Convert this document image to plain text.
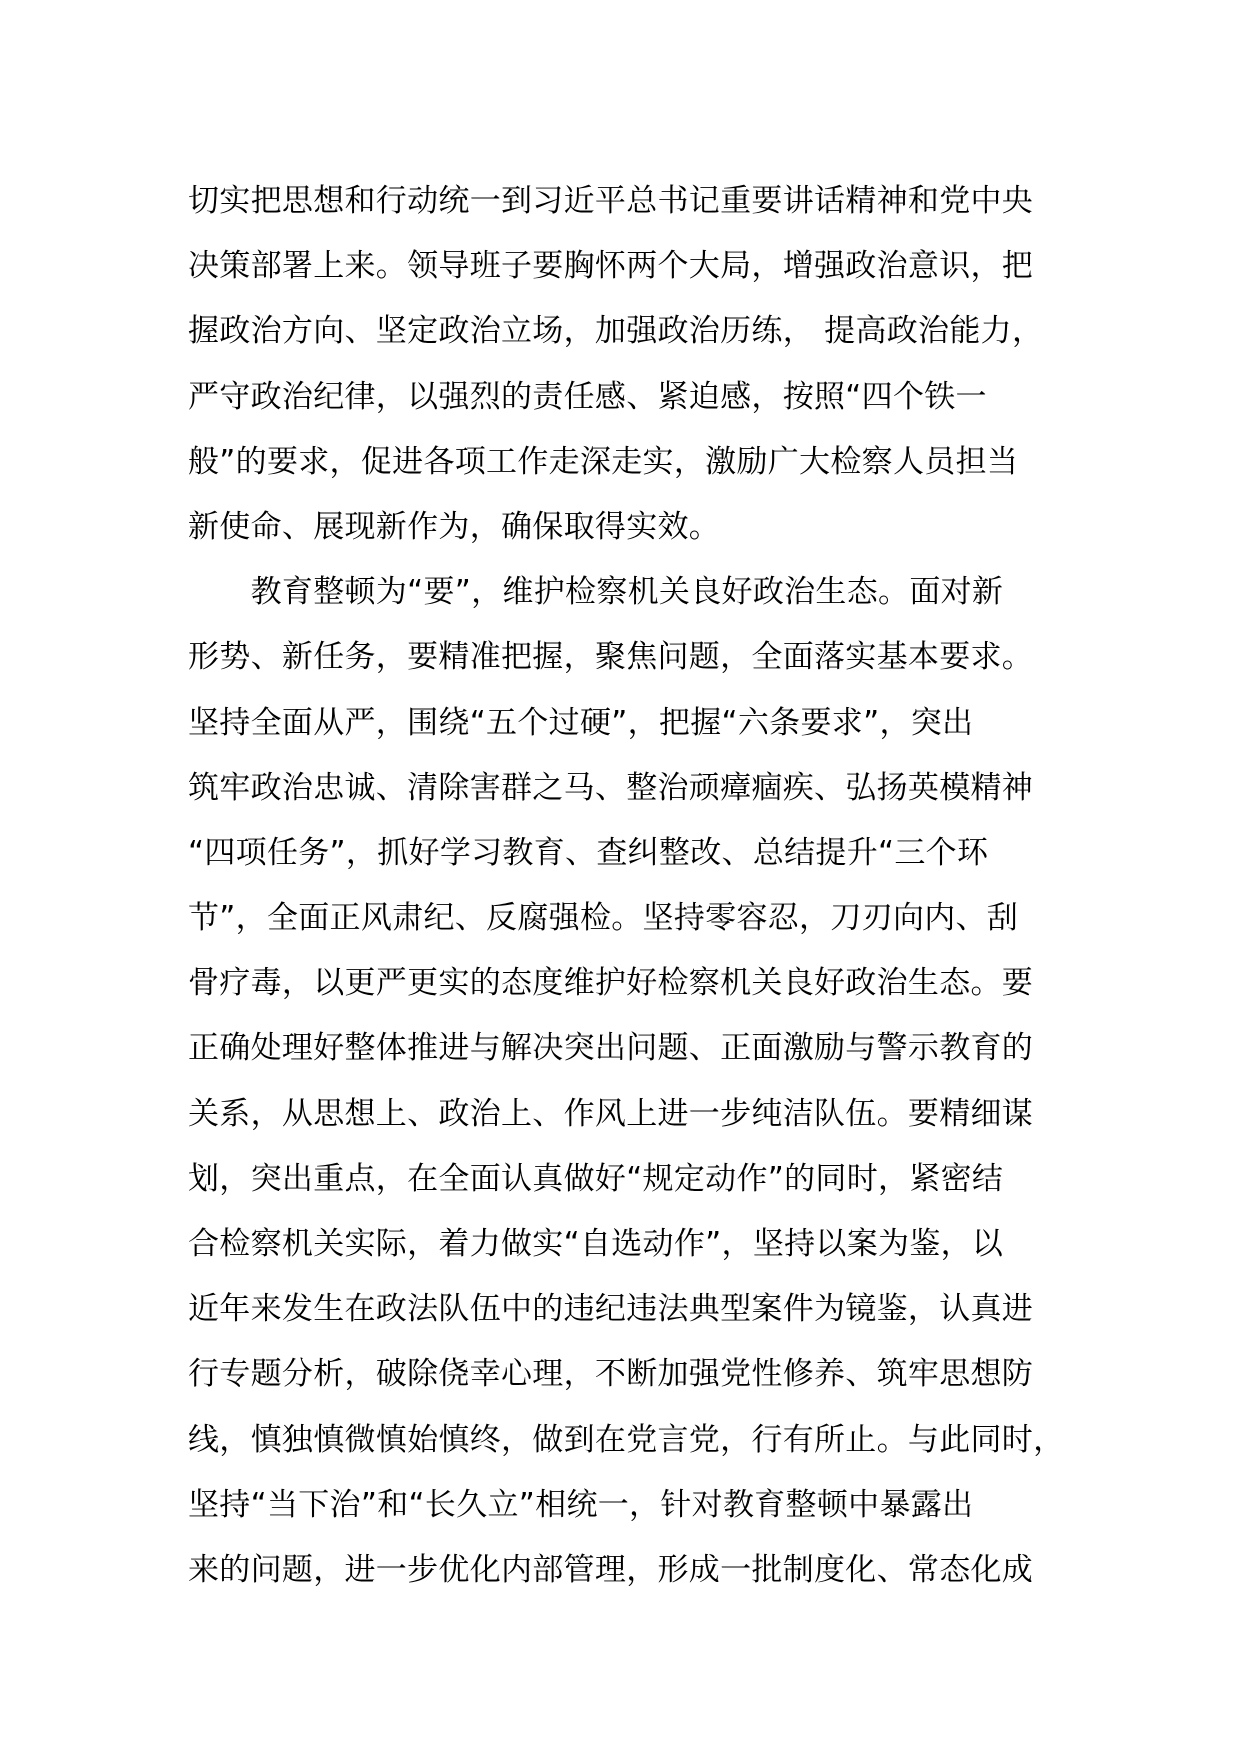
切实把思想和行动统一到习近平总书记重要讲话精神和党中央
决策部署上来。领导班子要胸怀两个大局，增强政治意识，把
握政治方向、坚定政治立场，加强政治历练， 提高政治能力，
严守政治纪律，以强烈的责任感、紧迫感，按照“四个铁一
般”的要求，促进各项工作走深走实，激励广大检察人员担当
新使命、展现新作为，确保取得实效。
　　教育整顿为“要”，维护检察机关良好政治生态。面对新
形势、新任务，要精准把握，聚焦问题，全面落实基本要求。
坚持全面从严，围绕“五个过硬”，把握“六条要求”，突出
筑牢政治忠诚、清除害群之马、整治顽瘴痼疾、弘扬英模精神
“四项任务”，抓好学习教育、查纠整改、总结提升“三个环
节”，全面正风肃纪、反腐强检。坚持零容忍，刀刃向内、刮
骨疗毒，以更严更实的态度维护好检察机关良好政治生态。要
正确处理好整体推进与解决突出问题、正面激励与警示教育的
关系，从思想上、政治上、作风上进一步纯洁队伍。要精细谋
划，突出重点，在全面认真做好“规定动作”的同时，紧密结
合检察机关实际，着力做实“自选动作”，坚持以案为鉴，以
近年来发生在政法队伍中的违纪违法典型案件为镜鉴，认真进
行专题分析，破除侥幸心理，不断加强党性修养、筑牢思想防
线，慎独慎微慎始慎终，做到在党言党，行有所止。与此同时，
坚持“当下治”和“长久立”相统一，针对教育整顿中暴露出
来的问题，进一步优化内部管理，形成一批制度化、常态化成
